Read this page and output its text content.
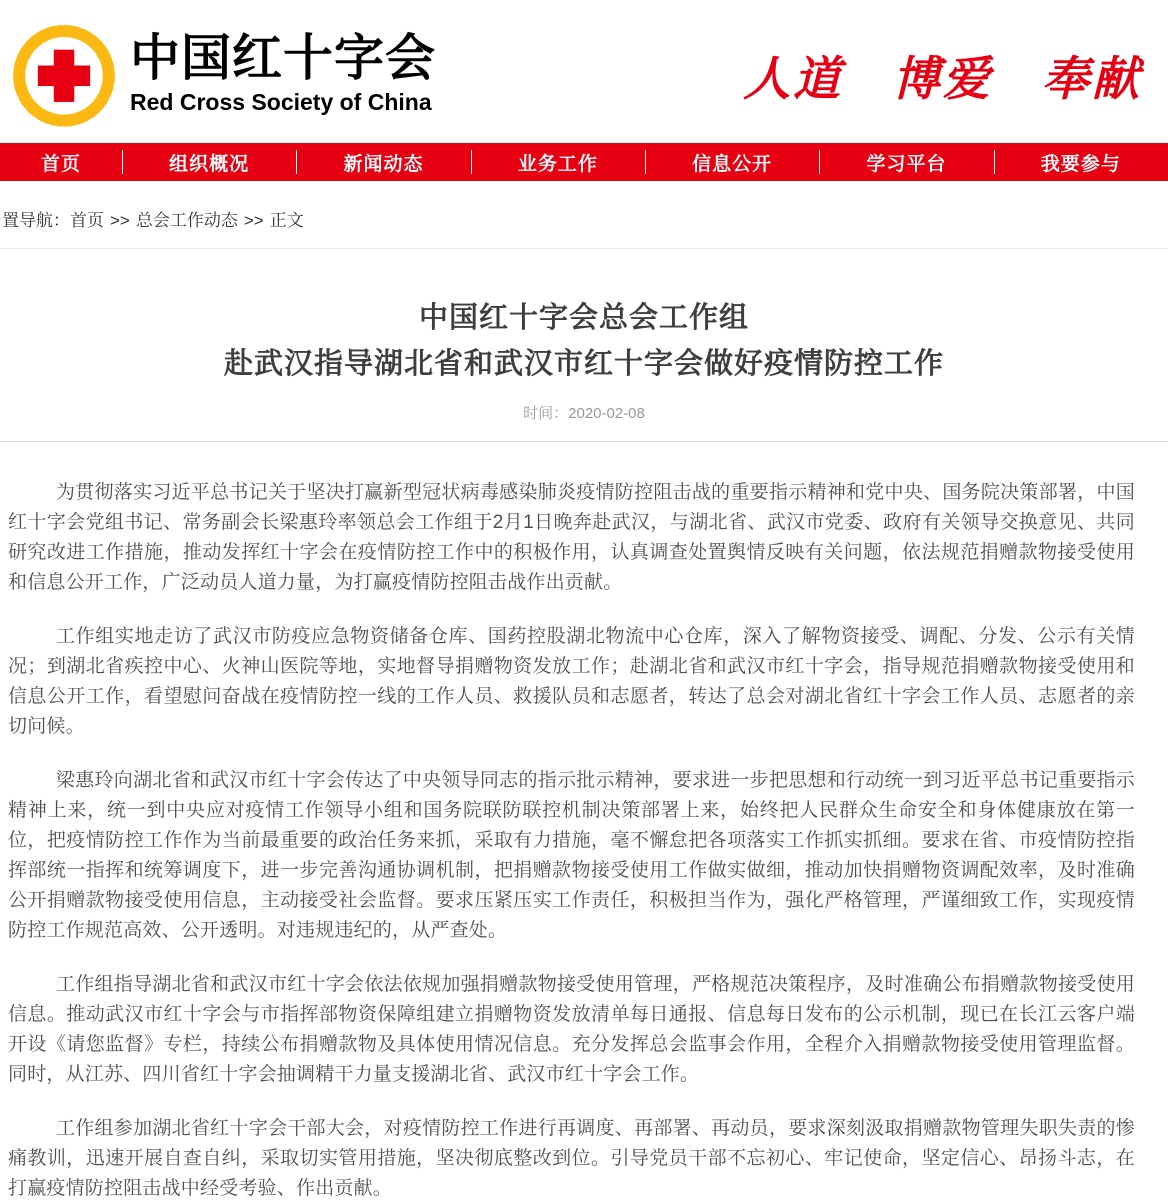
中国红十字会
Red Cross Society of China	人道 博爱 奉献
首页	组织概况	新闻动态	业务工作	信息公开	学习平台	我要参与
置导航：首页 >> 总会工作动态 >> 正文
中国红十字会总会工作组
赴武汉指导湖北省和武汉市红十字会做好疫情防控工作
时间：2020-02-08

为贯彻落实习近平总书记关于坚决打赢新型冠状病毒感染肺炎疫情防控阻击战的重要指示精神和党中央、国务院决策部署，中国红十字会党组书记、常务副会长梁惠玲率领总会工作组于2月1日晚奔赴武汉，与湖北省、武汉市党委、政府有关领导交换意见、共同研究改进工作措施，推动发挥红十字会在疫情防控工作中的积极作用，认真调查处置舆情反映有关问题，依法规范捐赠款物接受使用和信息公开工作，广泛动员人道力量，为打赢疫情防控阻击战作出贡献。

工作组实地走访了武汉市防疫应急物资储备仓库、国药控股湖北物流中心仓库，深入了解物资接受、调配、分发、公示有关情况；到湖北省疾控中心、火神山医院等地，实地督导捐赠物资发放工作；赴湖北省和武汉市红十字会，指导规范捐赠款物接受使用和信息公开工作，看望慰问奋战在疫情防控一线的工作人员、救援队员和志愿者，转达了总会对湖北省红十字会工作人员、志愿者的亲切问候。

梁惠玲向湖北省和武汉市红十字会传达了中央领导同志的指示批示精神，要求进一步把思想和行动统一到习近平总书记重要指示精神上来，统一到中央应对疫情工作领导小组和国务院联防联控机制决策部署上来，始终把人民群众生命安全和身体健康放在第一位，把疫情防控工作作为当前最重要的政治任务来抓，采取有力措施，毫不懈怠把各项落实工作抓实抓细。要求在省、市疫情防控指挥部统一指挥和统筹调度下，进一步完善沟通协调机制，把捐赠款物接受使用工作做实做细，推动加快捐赠物资调配效率，及时准确公开捐赠款物接受使用信息，主动接受社会监督。要求压紧压实工作责任，积极担当作为，强化严格管理，严谨细致工作，实现疫情防控工作规范高效、公开透明。对违规违纪的，从严查处。

工作组指导湖北省和武汉市红十字会依法依规加强捐赠款物接受使用管理，严格规范决策程序，及时准确公布捐赠款物接受使用信息。推动武汉市红十字会与市指挥部物资保障组建立捐赠物资发放清单每日通报、信息每日发布的公示机制，现已在长江云客户端开设《请您监督》专栏，持续公布捐赠款物及具体使用情况信息。充分发挥总会监事会作用，全程介入捐赠款物接受使用管理监督。同时，从江苏、四川省红十字会抽调精干力量支援湖北省、武汉市红十字会工作。

工作组参加湖北省红十字会干部大会，对疫情防控工作进行再调度、再部署、再动员，要求深刻汲取捐赠款物管理失职失责的惨痛教训，迅速开展自查自纠，采取切实管用措施，坚决彻底整改到位。引导党员干部不忘初心、牢记使命，坚定信心、昂扬斗志，在打赢疫情防控阻击战中经受考验、作出贡献。
